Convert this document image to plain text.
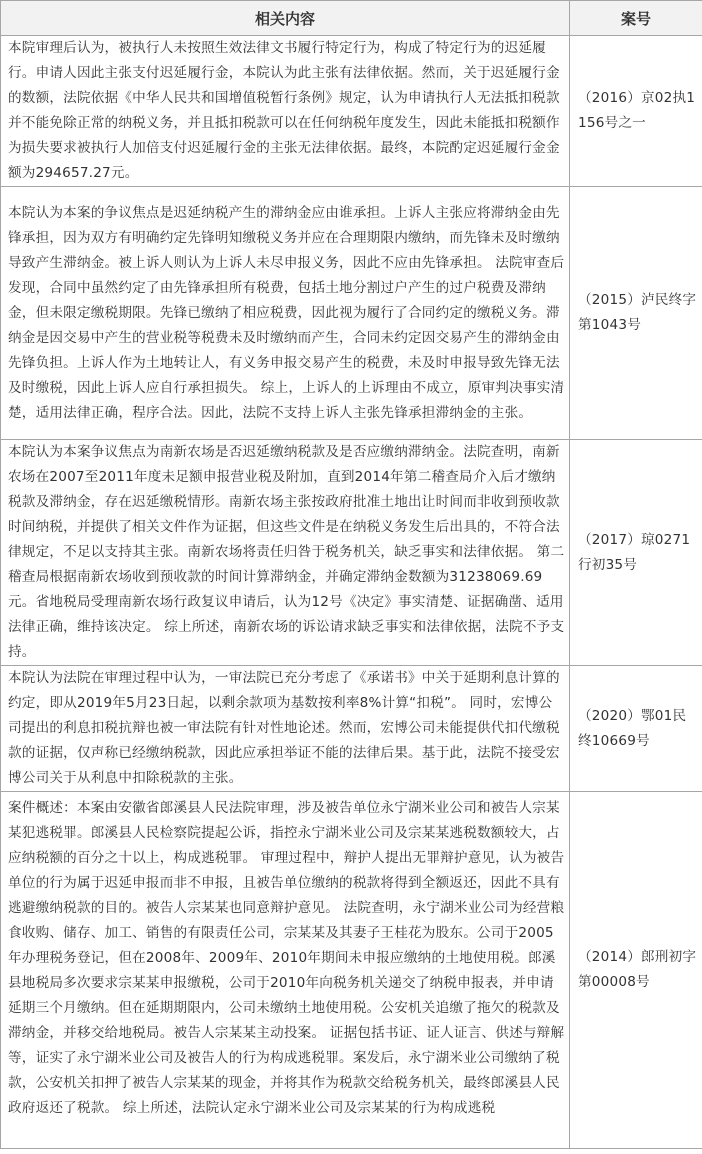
相关内容	案号
本院审理后认为，被执行人未按照生效法律文书履行特定行为，构成了特定行为的迟延履行。申请人因此主张支付迟延履行金，本院认为此主张有法律依据。然而，关于迟延履行金的数额，法院依据《中华人民共和国增值税暂行条例》规定，认为申请执行人无法抵扣税款并不能免除正常的纳税义务，并且抵扣税款可以在任何纳税年度发生，因此未能抵扣税额作为损失要求被执行人加倍支付迟延履行金的主张无法律依据。最终，本院酌定迟延履行金金额为294657.27元。	（2016）京02执1156号之一
本院认为本案的争议焦点是迟延纳税产生的滞纳金应由谁承担。上诉人主张应将滞纳金由先锋承担，因为双方有明确约定先锋明知缴税义务并应在合理期限内缴纳，而先锋未及时缴纳导致产生滞纳金。被上诉人则认为上诉人未尽申报义务，因此不应由先锋承担。 法院审查后发现，合同中虽然约定了由先锋承担所有税费，包括土地分割过户产生的过户税费及滞纳金，但未限定缴税期限。先锋已缴纳了相应税费，因此视为履行了合同约定的缴税义务。滞纳金是因交易中产生的营业税等税费未及时缴纳而产生，合同未约定因交易产生的滞纳金由先锋负担。上诉人作为土地转让人，有义务申报交易产生的税费，未及时申报导致先锋无法及时缴税，因此上诉人应自行承担损失。 综上，上诉人的上诉理由不成立，原审判决事实清楚，适用法律正确，程序合法。因此，法院不支持上诉人主张先锋承担滞纳金的主张。	（2015）泸民终字第1043号
本院认为本案争议焦点为南新农场是否迟延缴纳税款及是否应缴纳滞纳金。法院查明，南新农场在2007至2011年度未足额申报营业税及附加，直到2014年第二稽查局介入后才缴纳税款及滞纳金，存在迟延缴税情形。南新农场主张按政府批准土地出让时间而非收到预收款时间纳税，并提供了相关文件作为证据，但这些文件是在纳税义务发生后出具的，不符合法律规定，不足以支持其主张。南新农场将责任归咎于税务机关，缺乏事实和法律依据。 第二稽查局根据南新农场收到预收款的时间计算滞纳金，并确定滞纳金数额为31238069.69元。省地税局受理南新农场行政复议申请后，认为12号《决定》事实清楚、证据确凿、适用法律正确，维持该决定。 综上所述，南新农场的诉讼请求缺乏事实和法律依据，法院不予支持。	（2017）琼0271行初35号
本院认为法院在审理过程中认为，一审法院已充分考虑了《承诺书》中关于延期利息计算的约定，即从2019年5月23日起，以剩余款项为基数按利率8%计算“扣税”。 同时，宏博公司提出的利息扣税抗辩也被一审法院有针对性地论述。然而，宏博公司未能提供代扣代缴税款的证据，仅声称已经缴纳税款，因此应承担举证不能的法律后果。基于此，法院不接受宏博公司关于从利息中扣除税款的主张。	（2020）鄂01民终10669号
案件概述：本案由安徽省郎溪县人民法院审理，涉及被告单位永宁湖米业公司和被告人宗某某犯逃税罪。郎溪县人民检察院提起公诉，指控永宁湖米业公司及宗某某逃税数额较大，占应纳税额的百分之十以上，构成逃税罪。 审理过程中，辩护人提出无罪辩护意见，认为被告单位的行为属于迟延申报而非不申报，且被告单位缴纳的税款将得到全额返还，因此不具有逃避缴纳税款的目的。被告人宗某某也同意辩护意见。 法院查明，永宁湖米业公司为经营粮食收购、储存、加工、销售的有限责任公司，宗某某及其妻子王桂花为股东。公司于2005年办理税务登记，但在2008年、2009年、2010年期间未申报应缴纳的土地使用税。郎溪县地税局多次要求宗某某申报缴税，公司于2010年向税务机关递交了纳税申报表，并申请延期三个月缴纳。但在延期期限内，公司未缴纳土地使用税。公安机关追缴了拖欠的税款及滞纳金，并移交给地税局。被告人宗某某主动投案。 证据包括书证、证人证言、供述与辩解等，证实了永宁湖米业公司及被告人的行为构成逃税罪。案发后，永宁湖米业公司缴纳了税款，公安机关扣押了被告人宗某某的现金，并将其作为税款交给税务机关，最终郎溪县人民政府返还了税款。 综上所述，法院认定永宁湖米业公司及宗某某的行为构成逃税	（2014）郎刑初字第00008号
